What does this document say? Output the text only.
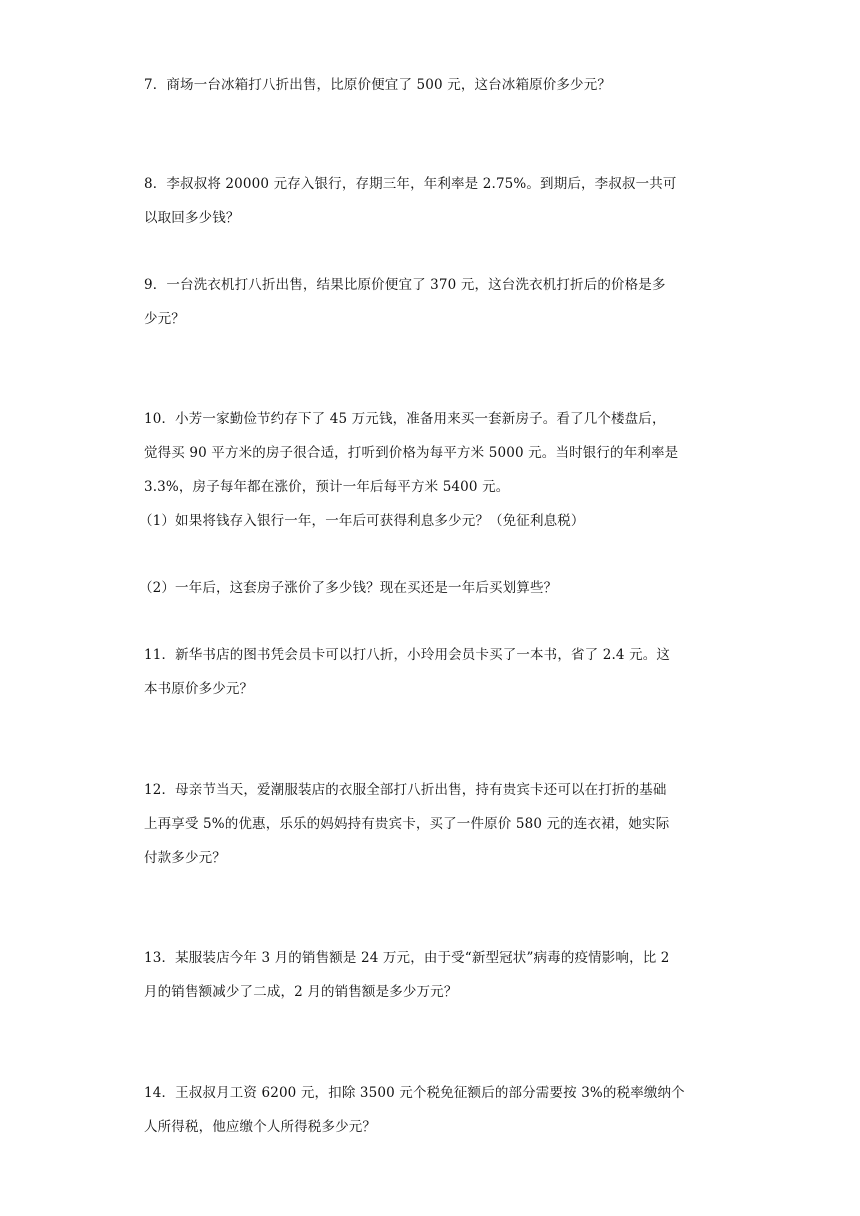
7．商场一台冰箱打八折出售，比原价便宜了 500 元，这台冰箱原价多少元？
8．李叔叔将 20000 元存入银行，存期三年，年利率是 2.75%。到期后，李叔叔一共可
以取回多少钱？
9．一台洗衣机打八折出售，结果比原价便宜了 370 元，这台洗衣机打折后的价格是多
少元？
10．小芳一家勤俭节约存下了 45 万元钱，准备用来买一套新房子。看了几个楼盘后，
觉得买 90 平方米的房子很合适，打听到价格为每平方米 5000 元。当时银行的年利率是
3.3%，房子每年都在涨价，预计一年后每平方米 5400 元。
（1）如果将钱存入银行一年，一年后可获得利息多少元？（免征利息税）
（2）一年后，这套房子涨价了多少钱？现在买还是一年后买划算些？
11．新华书店的图书凭会员卡可以打八折，小玲用会员卡买了一本书，省了 2.4 元。这
本书原价多少元？
12．母亲节当天，爱潮服装店的衣服全部打八折出售，持有贵宾卡还可以在打折的基础
上再享受 5%的优惠，乐乐的妈妈持有贵宾卡，买了一件原价 580 元的连衣裙，她实际
付款多少元？
13．某服装店今年 3 月的销售额是 24 万元，由于受“新型冠状”病毒的疫情影响，比 2
月的销售额减少了二成，2 月的销售额是多少万元？
14．王叔叔月工资 6200 元，扣除 3500 元个税免征额后的部分需要按 3%的税率缴纳个
人所得税，他应缴个人所得税多少元？
